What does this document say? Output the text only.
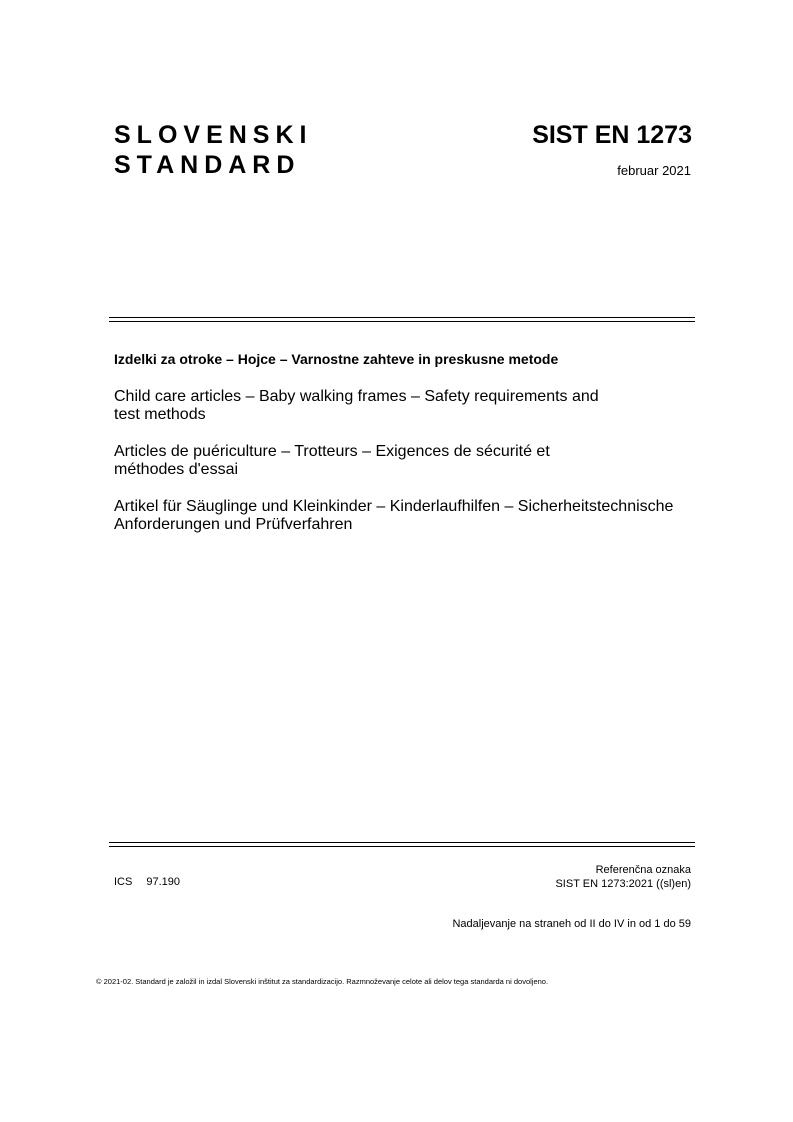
SLOVENSKI
STANDARD
SIST EN 1273
februar 2021
Izdelki za otroke – Hojce – Varnostne zahteve in preskusne metode
Child care articles – Baby walking frames – Safety requirements and
test methods
Articles de puériculture – Trotteurs – Exigences de sécurité et
méthodes d'essai
Artikel für Säuglinge und Kleinkinder – Kinderlaufhilfen – Sicherheitstechnische
Anforderungen und Prüfverfahren
ICS 97.190
Referenčna oznaka
SIST EN 1273:2021 ((sl)en)
Nadaljevanje na straneh od II do IV in od 1 do 59
© 2021-02. Standard je založil in izdal Slovenski inštitut za standardizacijo. Razmnoževanje celote ali delov tega standarda ni dovoljeno.
